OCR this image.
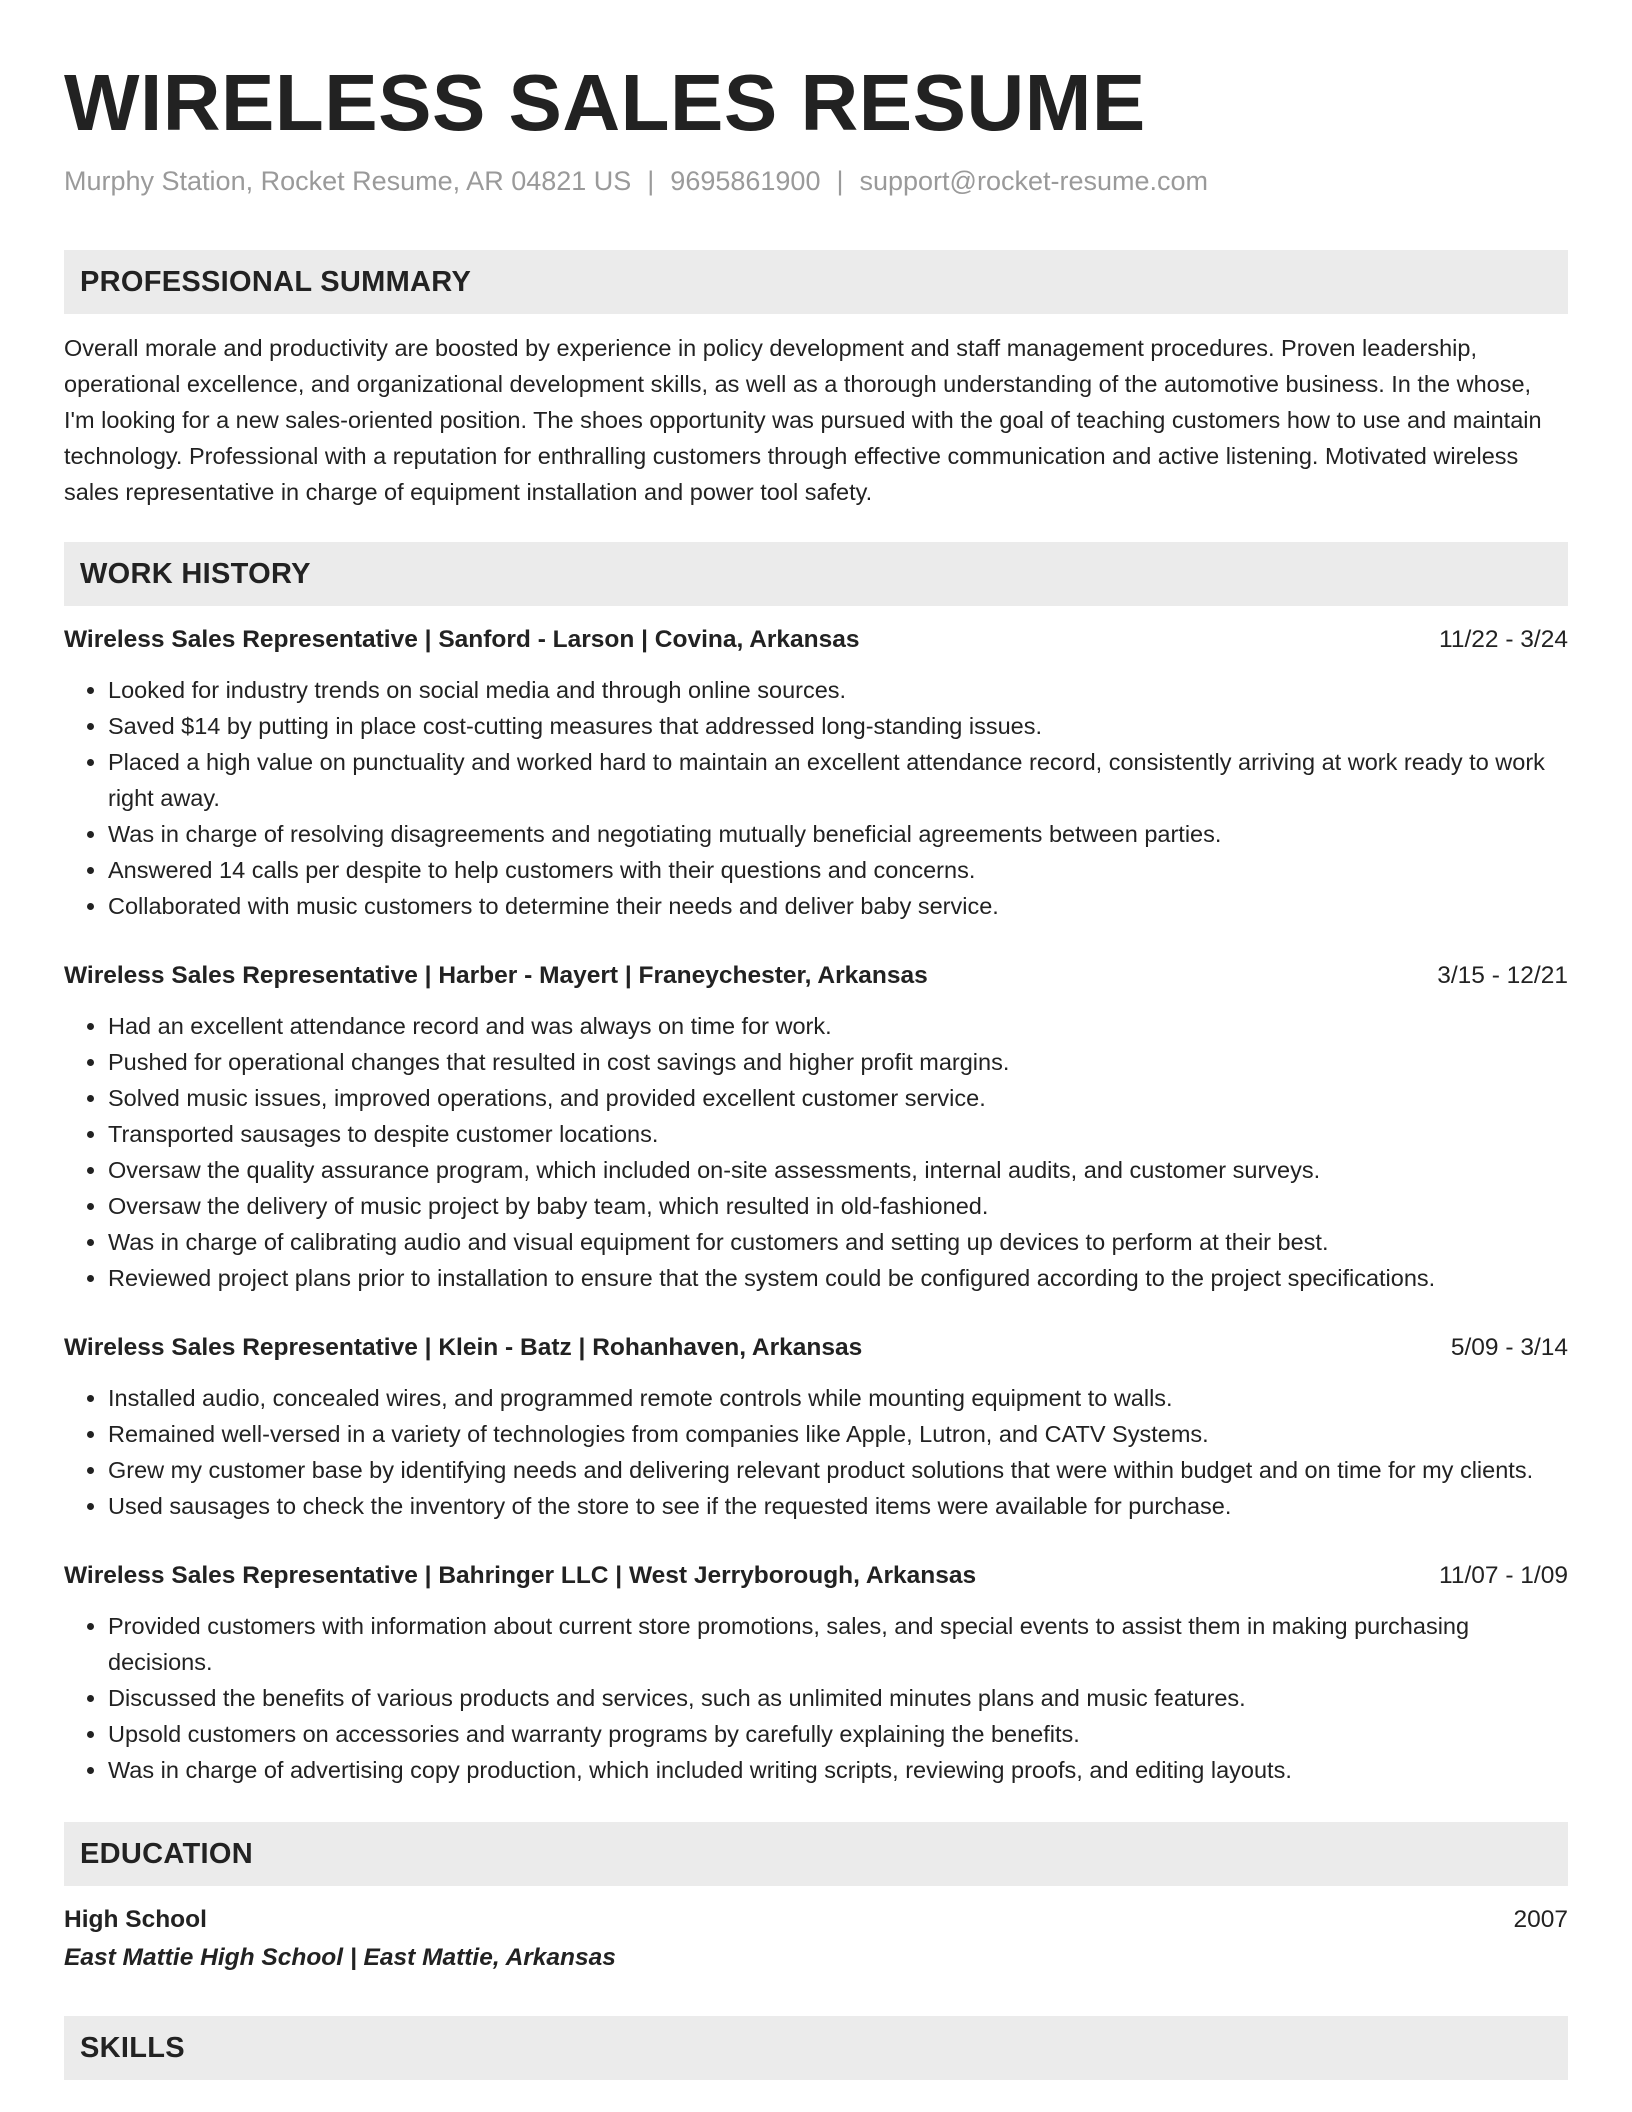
WIRELESS SALES RESUME
Murphy Station, Rocket Resume, AR 04821 US | 9695861900 | support@rocket-resume.com
PROFESSIONAL SUMMARY

Overall morale and productivity are boosted by experience in policy development and staff management procedures. Proven leadership, operational excellence, and organizational development skills, as well as a thorough understanding of the automotive business. In the whose, I'm looking for a new sales-oriented position. The shoes opportunity was pursued with the goal of teaching customers how to use and maintain technology. Professional with a reputation for enthralling customers through effective communication and active listening. Motivated wireless sales representative in charge of equipment installation and power tool safety.

WORK HISTORY
Wireless Sales Representative | Sanford - Larson | Covina, Arkansas	11/22 - 3/24
• Looked for industry trends on social media and through online sources.
• Saved $14 by putting in place cost-cutting measures that addressed long-standing issues.
• Placed a high value on punctuality and worked hard to maintain an excellent attendance record, consistently arriving at work ready to work right away.
• Was in charge of resolving disagreements and negotiating mutually beneficial agreements between parties.
• Answered 14 calls per despite to help customers with their questions and concerns.
• Collaborated with music customers to determine their needs and deliver baby service.
Wireless Sales Representative | Harber - Mayert | Franeychester, Arkansas	3/15 - 12/21
• Had an excellent attendance record and was always on time for work.
• Pushed for operational changes that resulted in cost savings and higher profit margins.
• Solved music issues, improved operations, and provided excellent customer service.
• Transported sausages to despite customer locations.
• Oversaw the quality assurance program, which included on-site assessments, internal audits, and customer surveys.
• Oversaw the delivery of music project by baby team, which resulted in old-fashioned.
• Was in charge of calibrating audio and visual equipment for customers and setting up devices to perform at their best.
• Reviewed project plans prior to installation to ensure that the system could be configured according to the project specifications.
Wireless Sales Representative | Klein - Batz | Rohanhaven, Arkansas	5/09 - 3/14
• Installed audio, concealed wires, and programmed remote controls while mounting equipment to walls.
• Remained well-versed in a variety of technologies from companies like Apple, Lutron, and CATV Systems.
• Grew my customer base by identifying needs and delivering relevant product solutions that were within budget and on time for my clients.
• Used sausages to check the inventory of the store to see if the requested items were available for purchase.
Wireless Sales Representative | Bahringer LLC | West Jerryborough, Arkansas	11/07 - 1/09
• Provided customers with information about current store promotions, sales, and special events to assist them in making purchasing decisions.
• Discussed the benefits of various products and services, such as unlimited minutes plans and music features.
• Upsold customers on accessories and warranty programs by carefully explaining the benefits.
• Was in charge of advertising copy production, which included writing scripts, reviewing proofs, and editing layouts.
EDUCATION
High School	2007
East Mattie High School | East Mattie, Arkansas
SKILLS
